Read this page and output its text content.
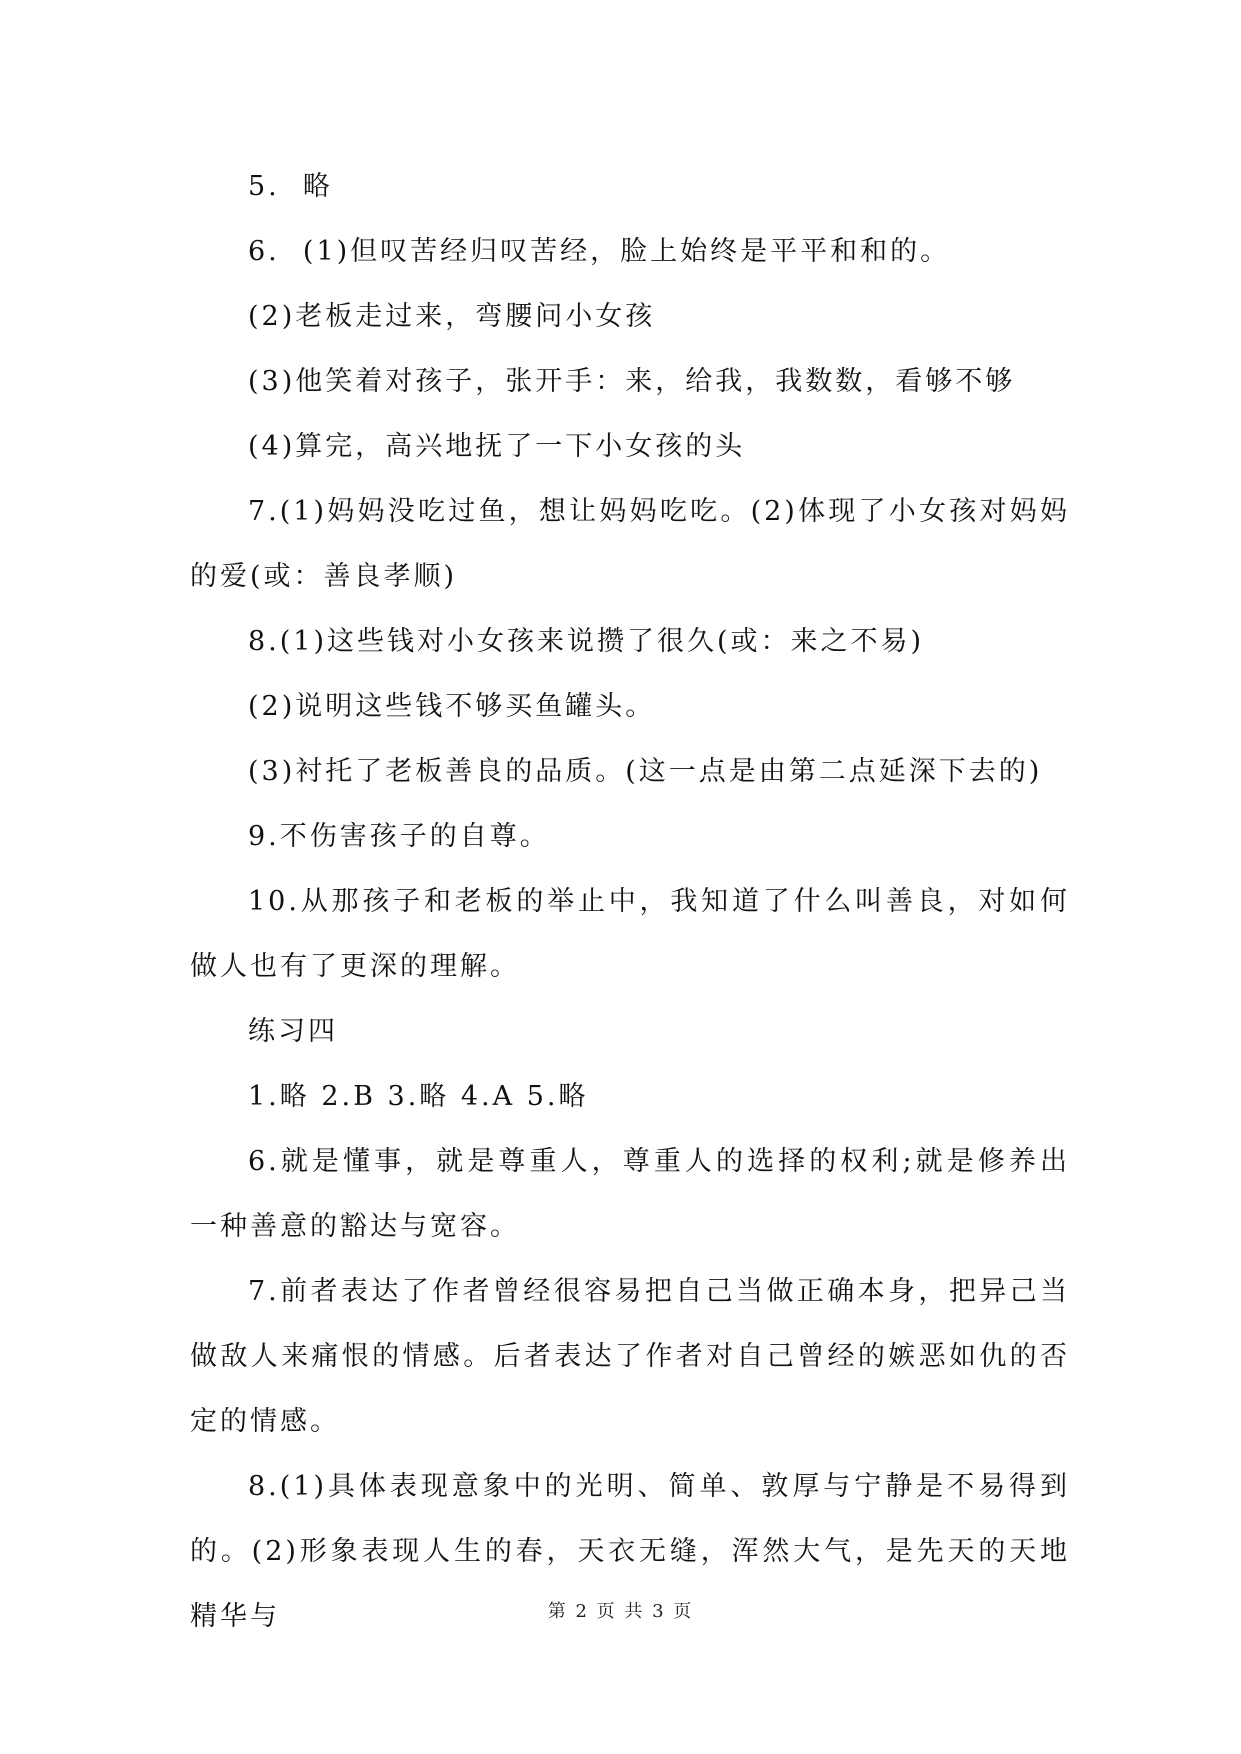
5.  略

6.  (1)但叹苦经归叹苦经，脸上始终是平平和和的。

(2)老板走过来，弯腰问小女孩

(3)他笑着对孩子，张开手：来，给我，我数数，看够不够

(4)算完，高兴地抚了一下小女孩的头

7.(1)妈妈没吃过鱼，想让妈妈吃吃。(2)体现了小女孩对妈妈的爱(或：善良孝顺)

8.(1)这些钱对小女孩来说攒了很久(或：来之不易)

(2)说明这些钱不够买鱼罐头。

(3)衬托了老板善良的品质。(这一点是由第二点延深下去的)

9.不伤害孩子的自尊。

10.从那孩子和老板的举止中，我知道了什么叫善良，对如何做人也有了更深的理解。

练习四

1.略 2.B 3.略 4.A 5.略

6.就是懂事，就是尊重人，尊重人的选择的权利;就是修养出一种善意的豁达与宽容。

7.前者表达了作者曾经很容易把自己当做正确本身，把异己当做敌人来痛恨的情感。后者表达了作者对自己曾经的嫉恶如仇的否定的情感。

8.(1)具体表现意象中的光明、简单、敦厚与宁静是不易得到的。(2)形象表现人生的春，天衣无缝，浑然大气，是先天的天地精华与	第 2 页 共 3 页
